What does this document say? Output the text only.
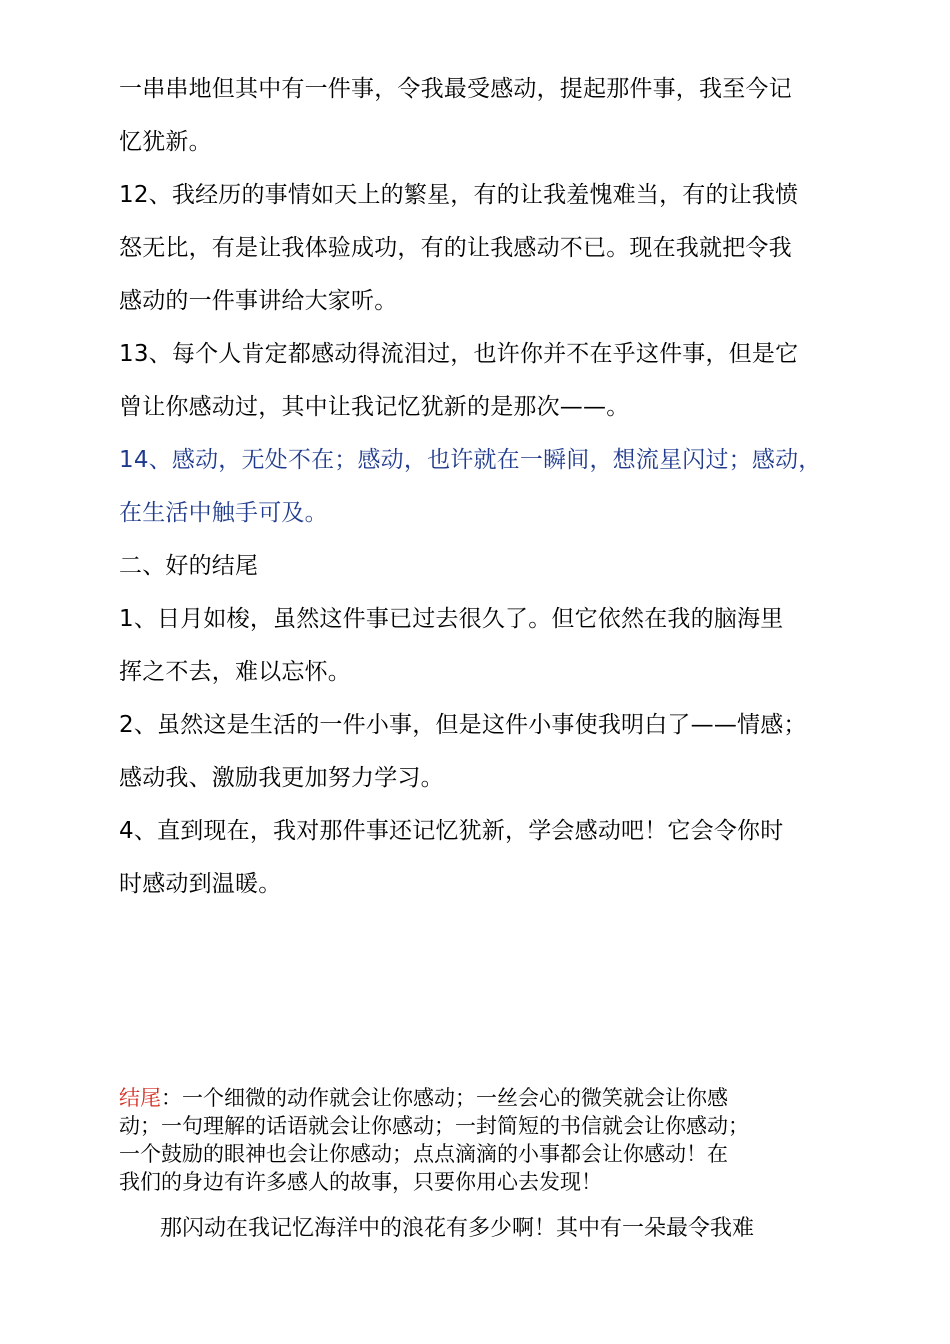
一串串地但其中有一件事，令我最受感动，提起那件事，我至今记
忆犹新。
12、我经历的事情如天上的繁星，有的让我羞愧难当，有的让我愤
怒无比，有是让我体验成功，有的让我感动不已。现在我就把令我
感动的一件事讲给大家听。
13、每个人肯定都感动得流泪过，也许你并不在乎这件事，但是它
曾让你感动过，其中让我记忆犹新的是那次——。
14、感动，无处不在；感动，也许就在一瞬间，想流星闪过；感动，
在生活中触手可及。
二、好的结尾
1、日月如梭，虽然这件事已过去很久了。但它依然在我的脑海里
挥之不去，难以忘怀。
2、虽然这是生活的一件小事，但是这件小事使我明白了——情感；
感动我、激励我更加努力学习。
4、直到现在，我对那件事还记忆犹新，学会感动吧！它会令你时
时感动到温暖。
结尾：一个细微的动作就会让你感动；一丝会心的微笑就会让你感
动；一句理解的话语就会让你感动；一封简短的书信就会让你感动；
一个鼓励的眼神也会让你感动；点点滴滴的小事都会让你感动！在
我们的身边有许多感人的故事，只要你用心去发现！
那闪动在我记忆海洋中的浪花有多少啊！其中有一朵最令我难
